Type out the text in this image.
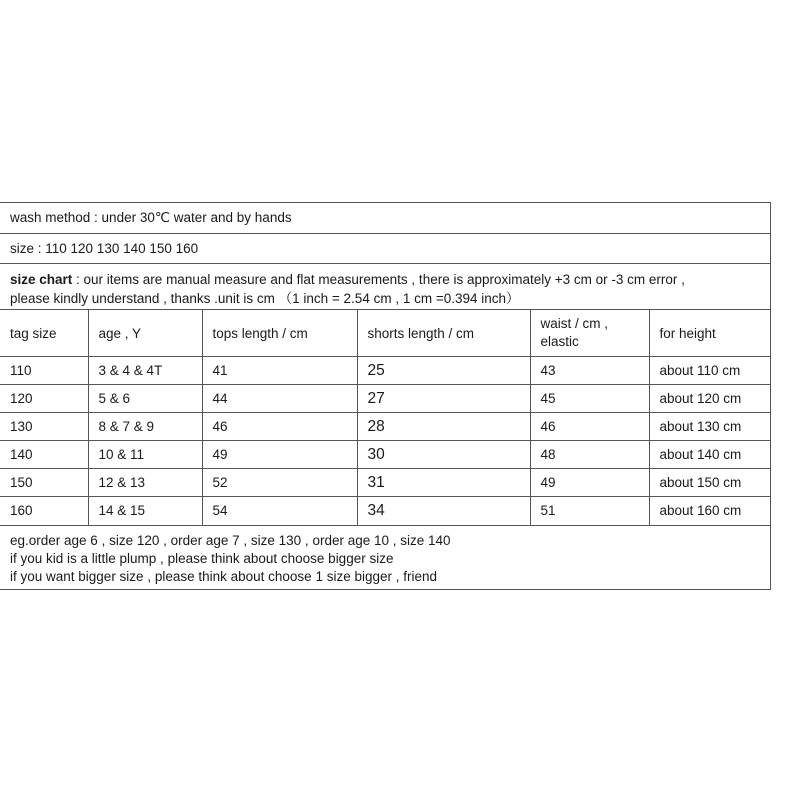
wash method : under 30℃ water and by hands
size : 110 120 130 140 150 160
size chart : our items are manual measure and flat measurements , there is approximately +3 cm or -3 cm error ,
please kindly understand , thanks .unit is cm （1 inch = 2.54 cm , 1 cm =0.394 inch）
tag size	age , Y	tops length / cm	shorts length / cm	waist / cm , elastic	for height
110	3 & 4 & 4T	41	25	43	about 110 cm
120	5 & 6	44	27	45	about 120 cm
130	8 & 7 & 9	46	28	46	about 130 cm
140	10 & 11	49	30	48	about 140 cm
150	12 & 13	52	31	49	about 150 cm
160	14 & 15	54	34	51	about 160 cm
eg.order age 6 , size 120 , order age 7 , size 130 , order age 10 , size 140
if you kid is a little plump , please think about choose bigger size
if you want bigger size , please think about choose 1 size bigger , friend
